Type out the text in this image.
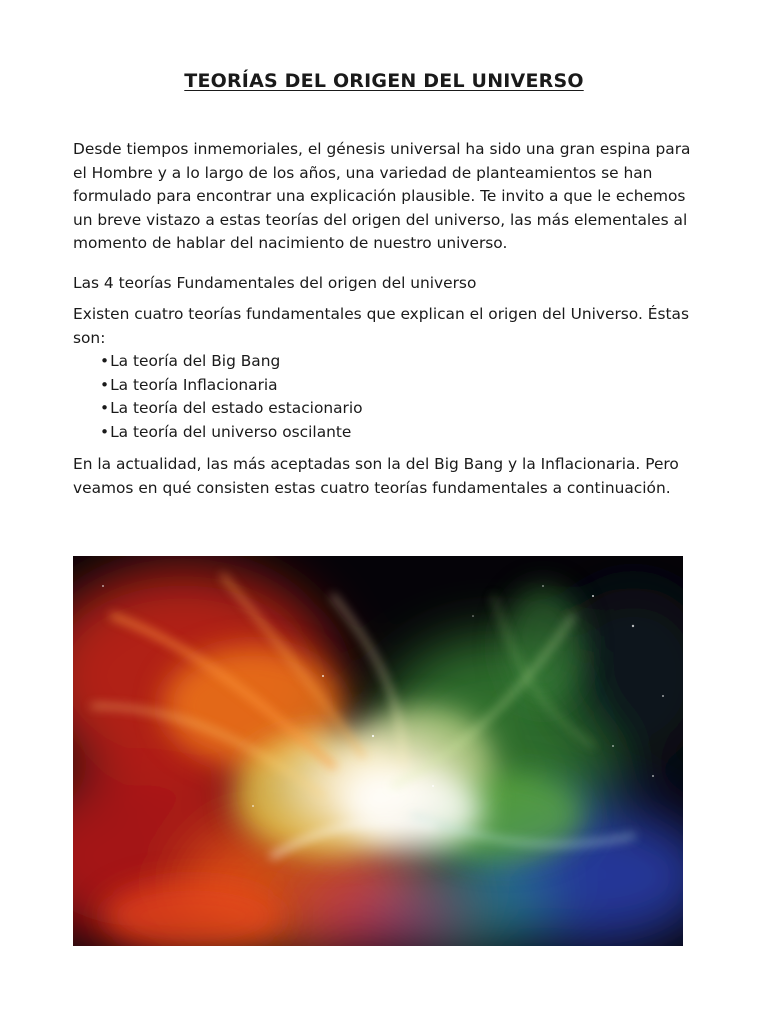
TEORÍAS DEL ORIGEN DEL UNIVERSO

Desde tiempos inmemoriales, el génesis universal ha sido una gran espina para el Hombre y a lo largo de los años, una variedad de planteamientos se han formulado para encontrar una explicación plausible. Te invito a que le echemos un breve vistazo a estas teorías del origen del universo, las más elementales al momento de hablar del nacimiento de nuestro universo.

Las 4 teorías Fundamentales del origen del universo

Existen cuatro teorías fundamentales que explican el origen del Universo. Éstas son:

•La teoría del Big Bang
•La teoría Inflacionaria
•La teoría del estado estacionario
•La teoría del universo oscilante

En la actualidad, las más aceptadas son la del Big Bang y la Inflacionaria. Pero veamos en qué consisten estas cuatro teorías fundamentales a continuación.
